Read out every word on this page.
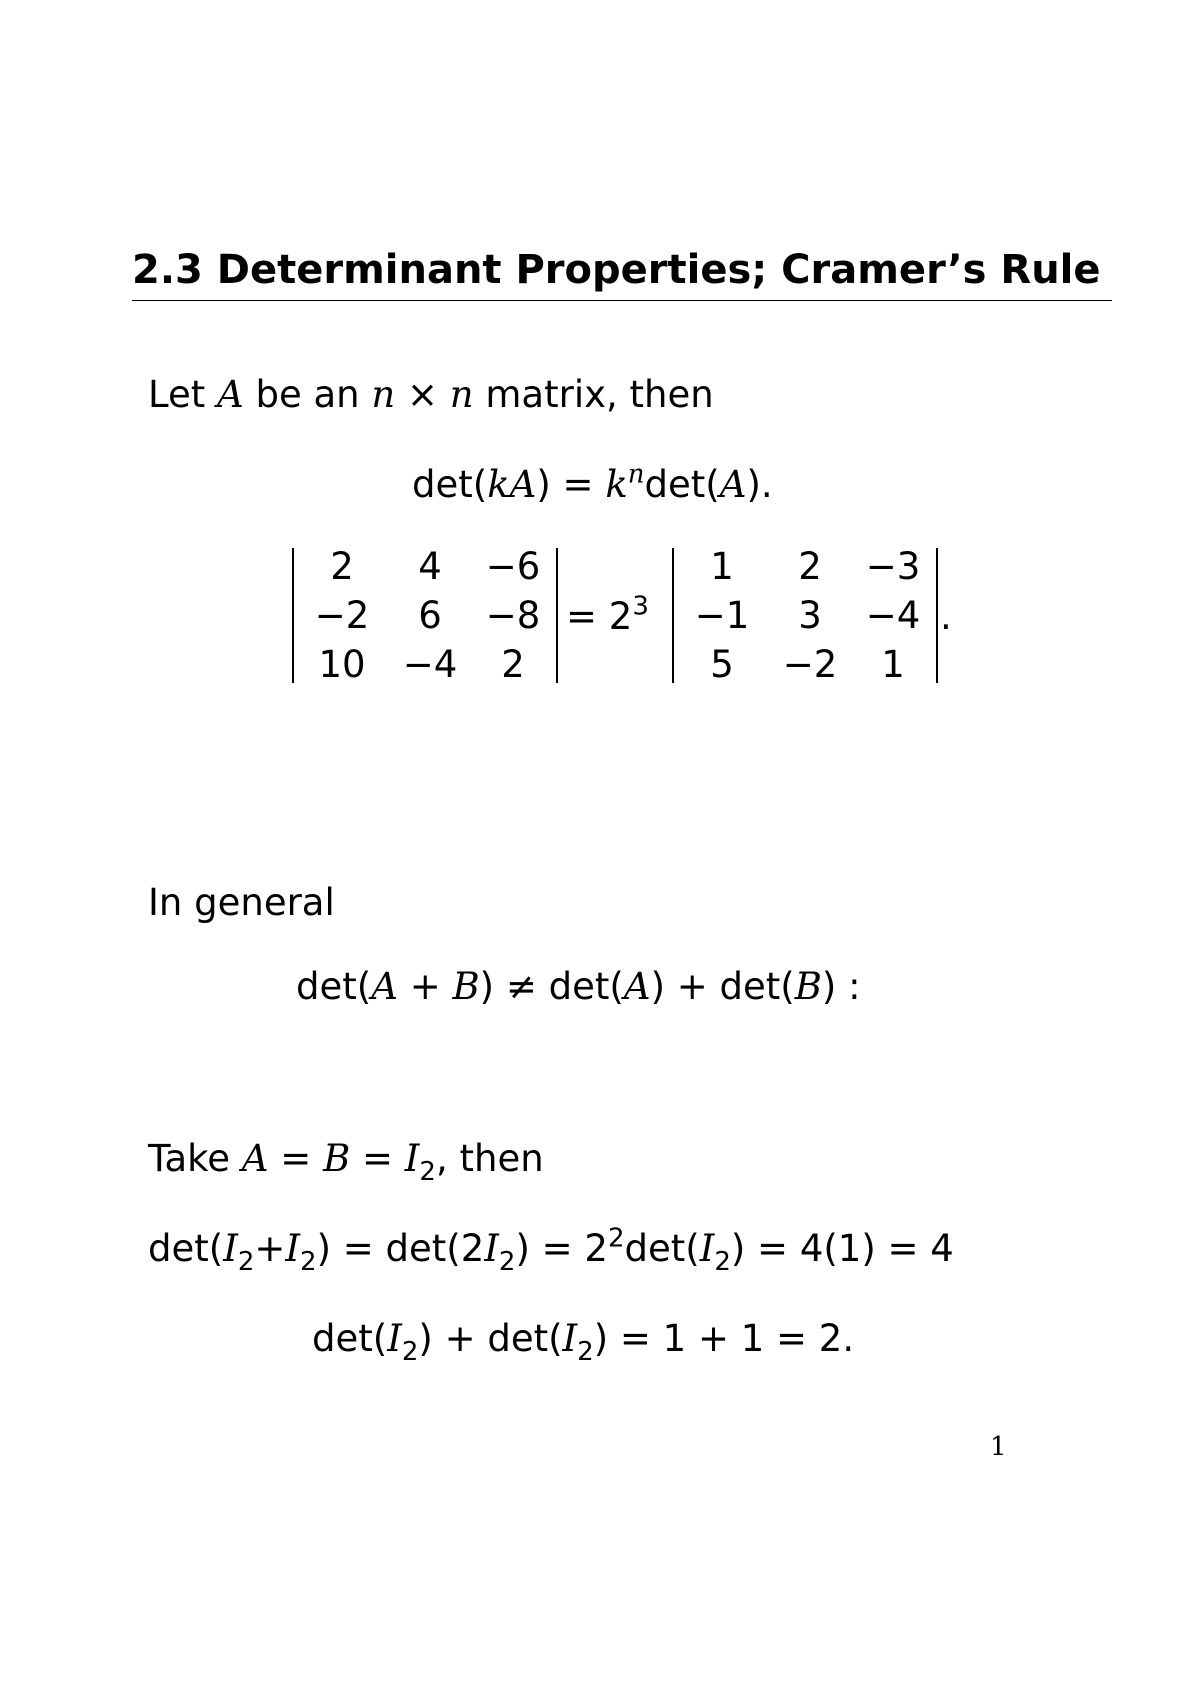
2.3 Determinant Properties; Cramer’s Rule
Let A be an n × n matrix, then
$\det(kA) = k^n\det(A)$.
2	4	−6
−2	6	−8
10	−4	2
= $2^3$
1	2	−3
−1	3	−4
5	−2	1
.
In general
det(A + B) ≠ det(A) + det(B) :
Take $A = B = I_2$, then
$\det(I_2+I_2) = \det(2I_2) = 2^2\det(I_2) = 4(1) = 4$
$\det(I_2) + \det(I_2) = 1 + 1 = 2$.
1
